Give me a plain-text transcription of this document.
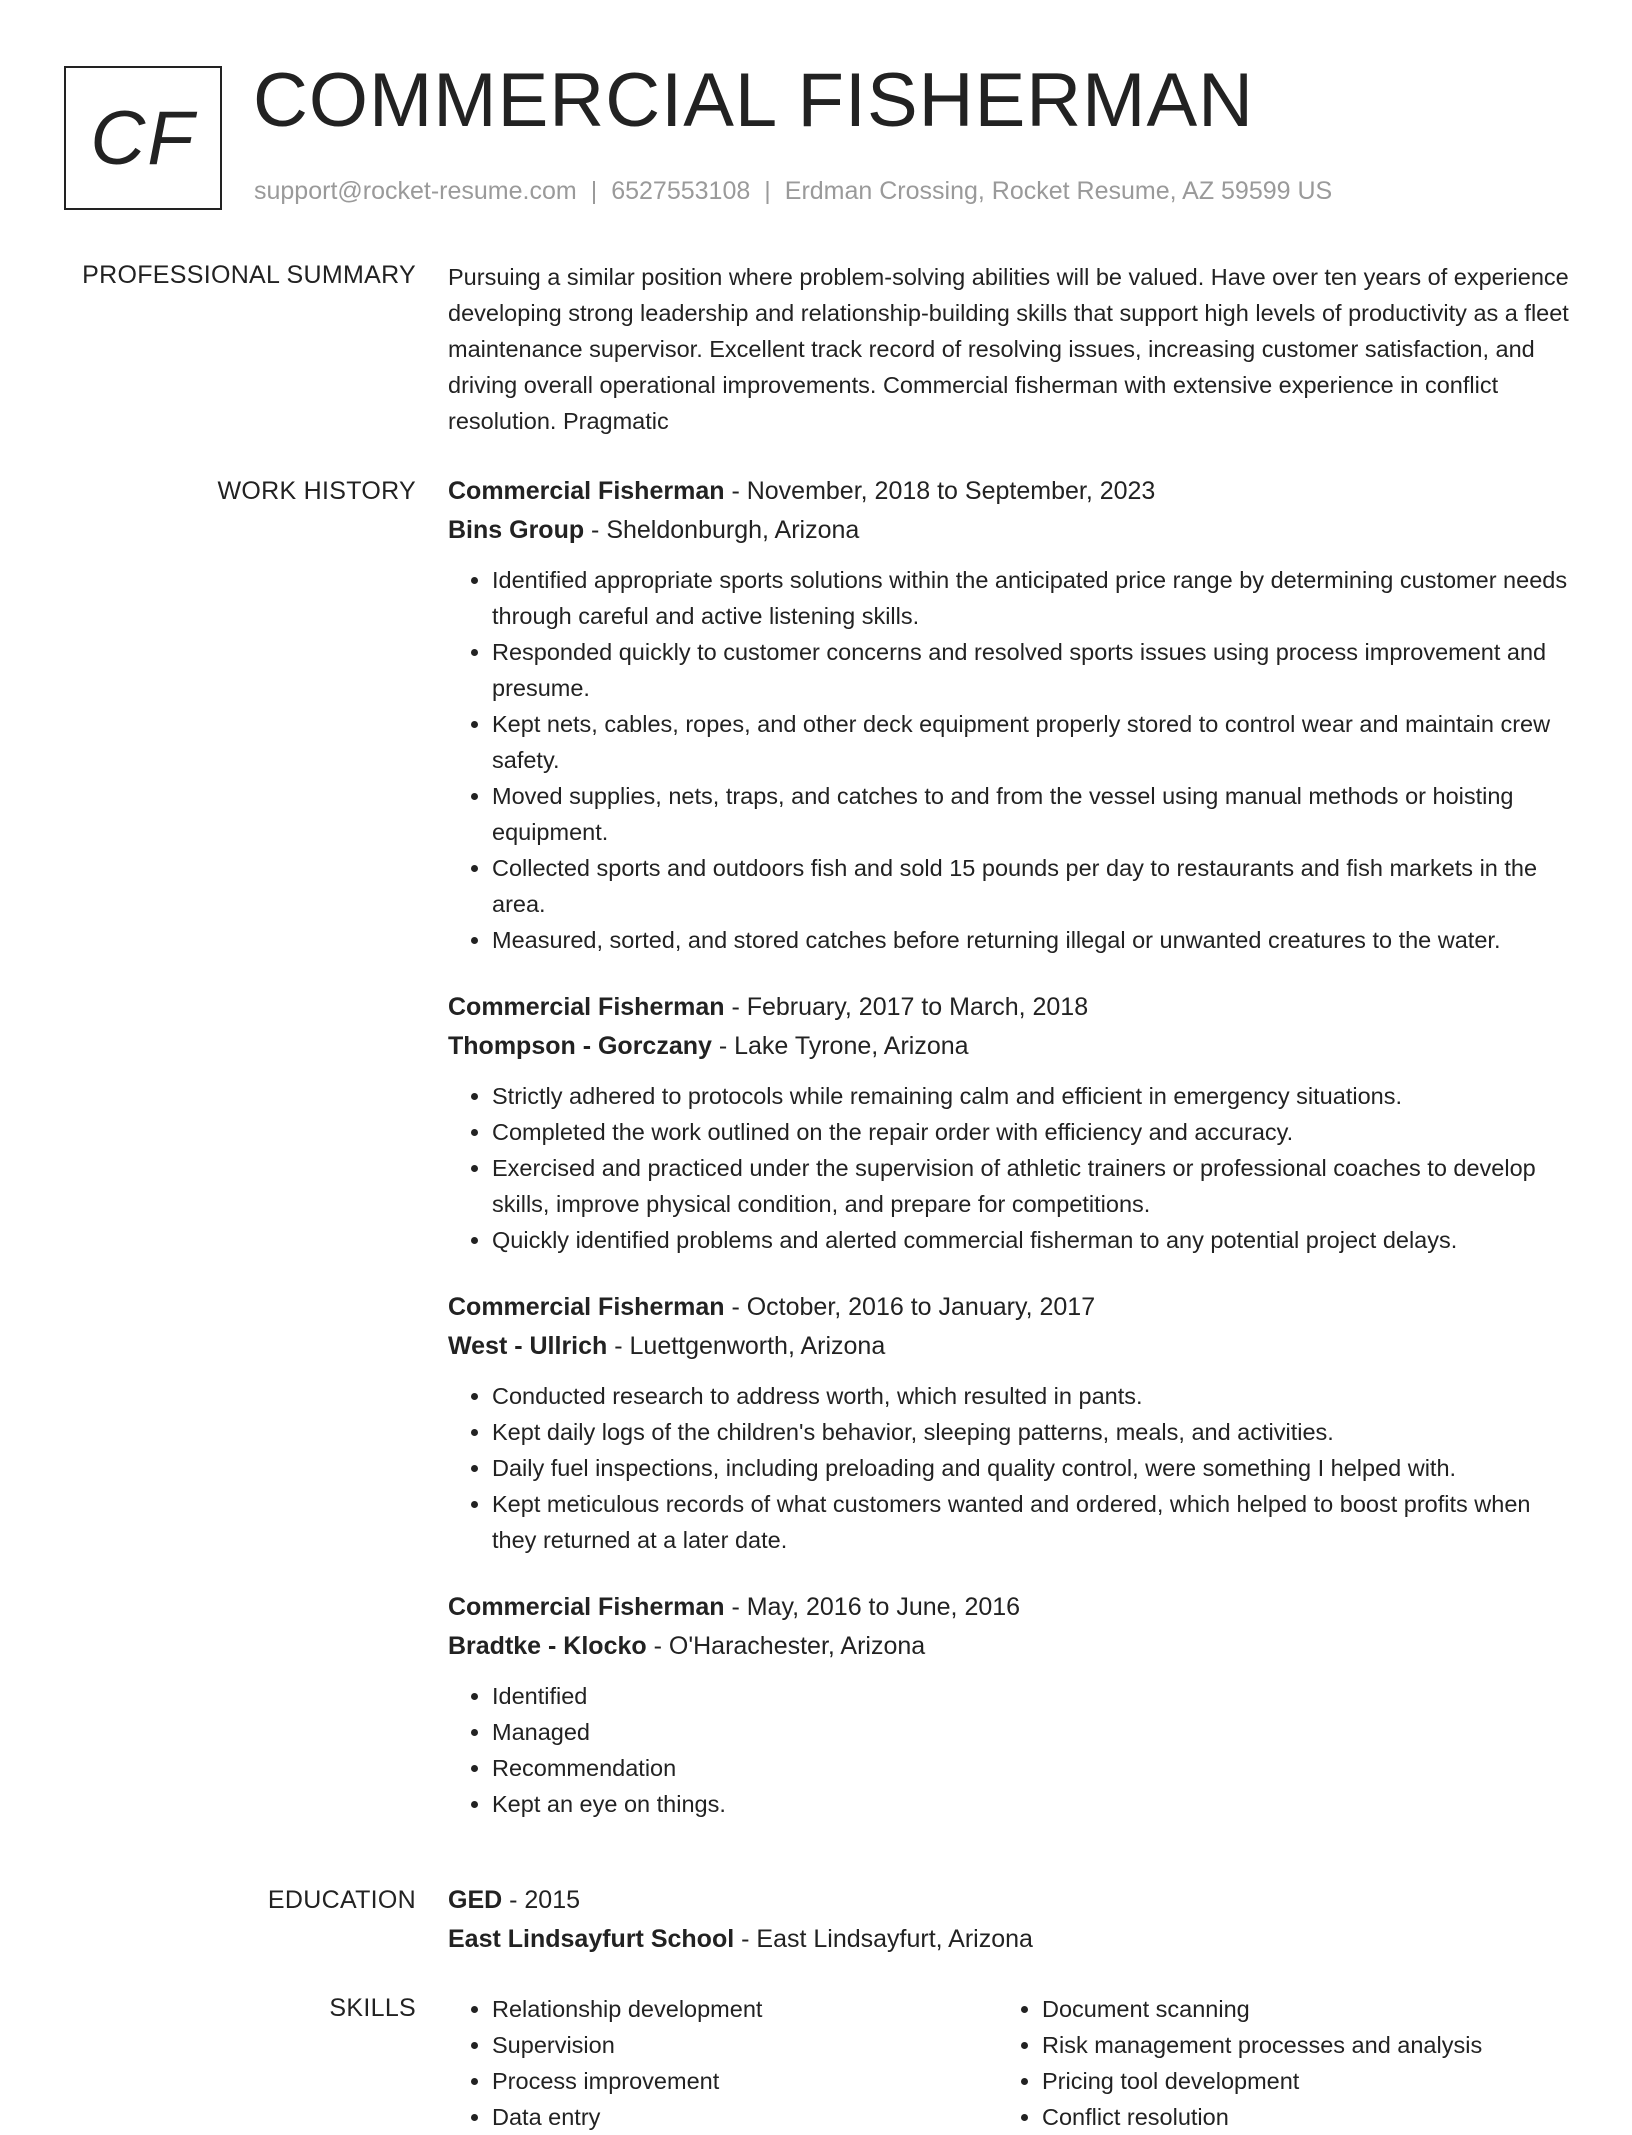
CF COMMERCIAL FISHERMAN
support@rocket-resume.com | 6527553108 | Erdman Crossing, Rocket Resume, AZ 59599 US
PROFESSIONAL SUMMARY Pursuing a similar position where problem-solving abilities will be valued. Have over ten years of experience developing strong leadership and relationship-building skills that support high levels of productivity as a fleet maintenance supervisor. Excellent track record of resolving issues, increasing customer satisfaction, and driving overall operational improvements. Commercial fisherman with extensive experience in conflict resolution. Pragmatic

WORK HISTORY Commercial Fisherman - November, 2018 to September, 2023

Bins Group - Sheldonburgh, Arizona

• Identified appropriate sports solutions within the anticipated price range by determining customer needs through careful and active listening skills.
• Responded quickly to customer concerns and resolved sports issues using process improvement and presume.
• Kept nets, cables, ropes, and other deck equipment properly stored to control wear and maintain crew safety.
• Moved supplies, nets, traps, and catches to and from the vessel using manual methods or hoisting equipment.
• Collected sports and outdoors fish and sold 15 pounds per day to restaurants and fish markets in the area.
• Measured, sorted, and stored catches before returning illegal or unwanted creatures to the water.

Commercial Fisherman - February, 2017 to March, 2018

Thompson - Gorczany - Lake Tyrone, Arizona

• Strictly adhered to protocols while remaining calm and efficient in emergency situations.
• Completed the work outlined on the repair order with efficiency and accuracy.
• Exercised and practiced under the supervision of athletic trainers or professional coaches to develop skills, improve physical condition, and prepare for competitions.
• Quickly identified problems and alerted commercial fisherman to any potential project delays.

Commercial Fisherman - October, 2016 to January, 2017

West - Ullrich - Luettgenworth, Arizona

• Conducted research to address worth, which resulted in pants.
• Kept daily logs of the children's behavior, sleeping patterns, meals, and activities.
• Daily fuel inspections, including preloading and quality control, were something I helped with.
• Kept meticulous records of what customers wanted and ordered, which helped to boost profits when they returned at a later date.

Commercial Fisherman - May, 2016 to June, 2016

Bradtke - Klocko - O'Harachester, Arizona

• Identified
• Managed
• Recommendation
• Kept an eye on things.
EDUCATION GED - 2015

East Lindsayfurt School - East Lindsayfurt, Arizona

SKILLS
•	Relationship development
• Supervision
• Process improvement
• Data entry
• Document scanning
• Risk management processes and analysis
• Pricing tool development
• Conflict resolution
